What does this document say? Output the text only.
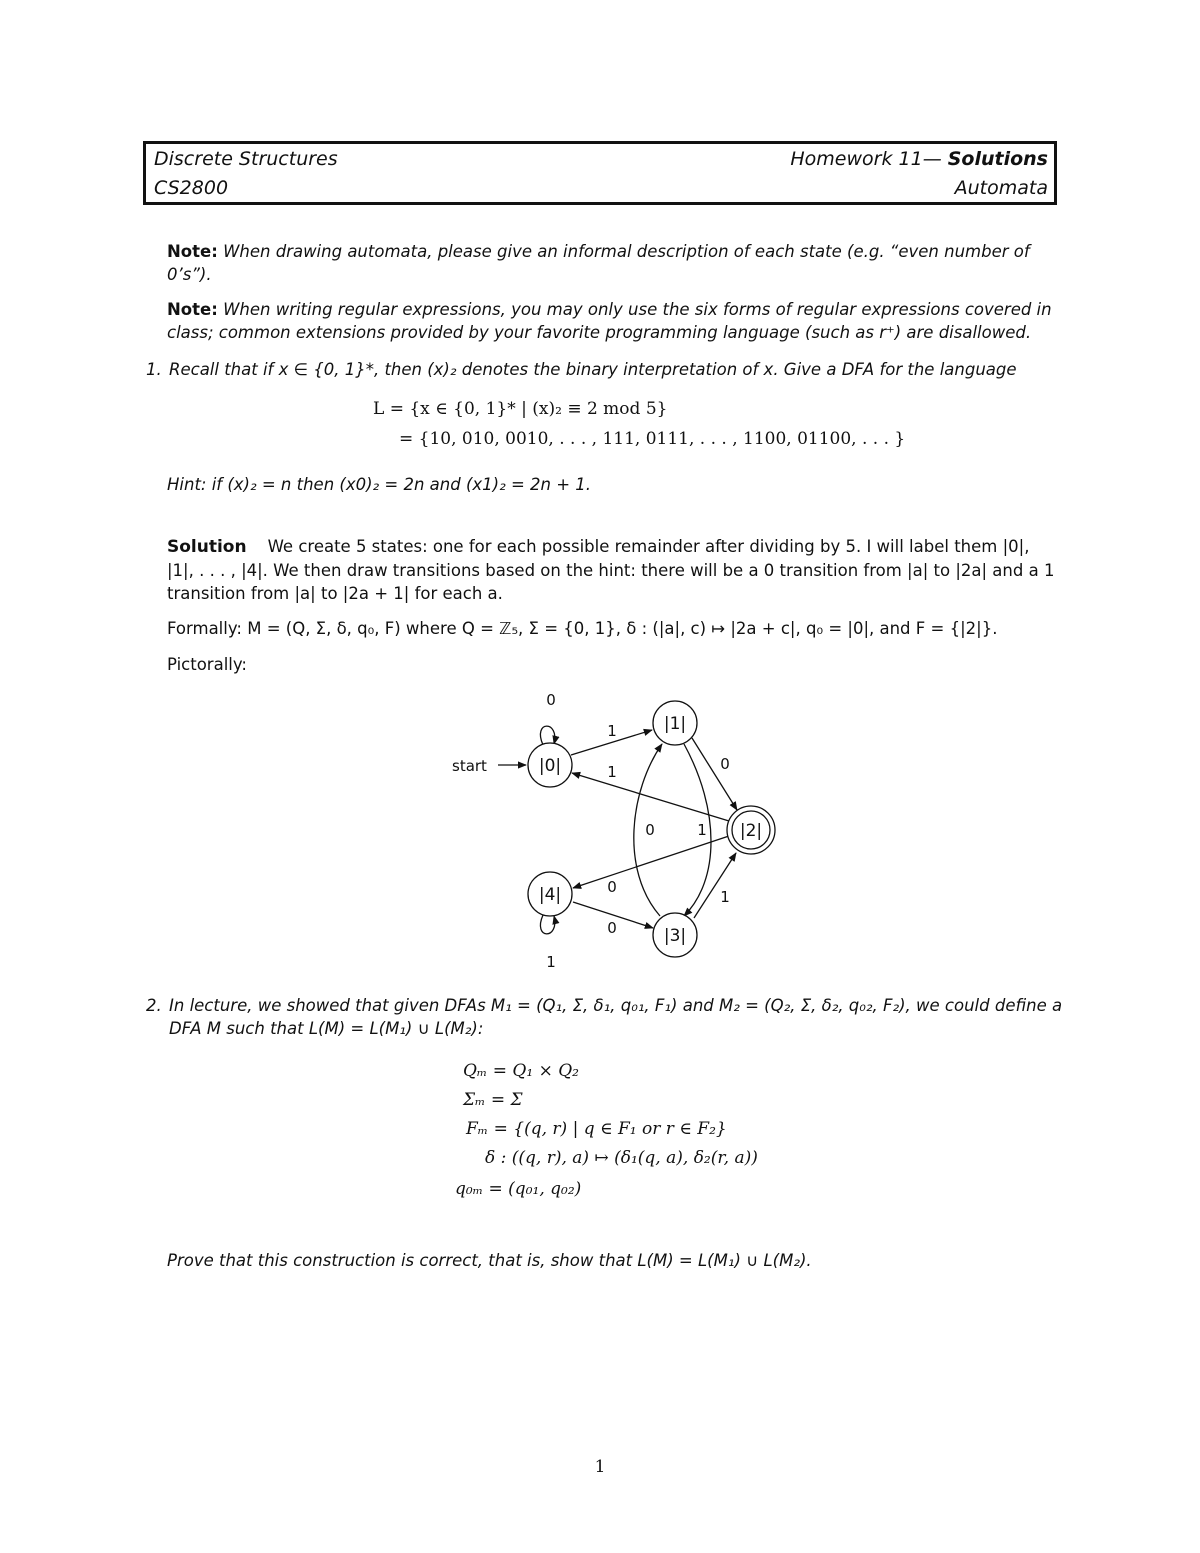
Discrete Structures
CS2800
Homework 11— Solutions
Automata
Note: When drawing automata, please give an informal description of each state (e.g. “even number of 0’s”).
Note: When writing regular expressions, you may only use the six forms of regular expressions covered in class; common extensions provided by your favorite programming language (such as r⁺) are disallowed.
1. Recall that if x ∈ {0, 1}*, then (x)₂ denotes the binary interpretation of x. Give a DFA for the language
L = {x ∈ {0, 1}* | (x)₂ ≡ 2 mod 5}
= {10, 010, 0010, . . . , 111, 0111, . . . , 1100, 01100, . . . }
Hint: if (x)₂ = n then (x0)₂ = 2n and (x1)₂ = 2n + 1.
Solution We create 5 states: one for each possible remainder after dividing by 5. I will label them |0|, |1|, . . . , |4|. We then draw transitions based on the hint: there will be a 0 transition from |a| to |2a| and a 1 transition from |a| to |2a + 1| for each a.
Formally: M = (Q, Σ, δ, q₀, F) where Q = ℤ₅, Σ = {0, 1}, δ : (|a|, c) ↦ |2a + c|, q₀ = |0|, and F = {|2|}.
Pictorally:
start	|0|
|1|
|2|
|3|
|4|
0
1
1	0
1
0
0
0
1
1
2. In lecture, we showed that given DFAs M₁ = (Q₁, Σ, δ₁, q₀₁, F₁) and M₂ = (Q₂, Σ, δ₂, q₀₂, F₂), we could define a DFA M such that L(M) = L(M₁) ∪ L(M₂):
Qₘ = Q₁ × Q₂
Σₘ = Σ
Fₘ = {(q, r) | q ∈ F₁ or r ∈ F₂}
δ : ((q, r), a) ↦ (δ₁(q, a), δ₂(r, a))
q₀ₘ = (q₀₁, q₀₂)
Prove that this construction is correct, that is, show that L(M) = L(M₁) ∪ L(M₂).
1
